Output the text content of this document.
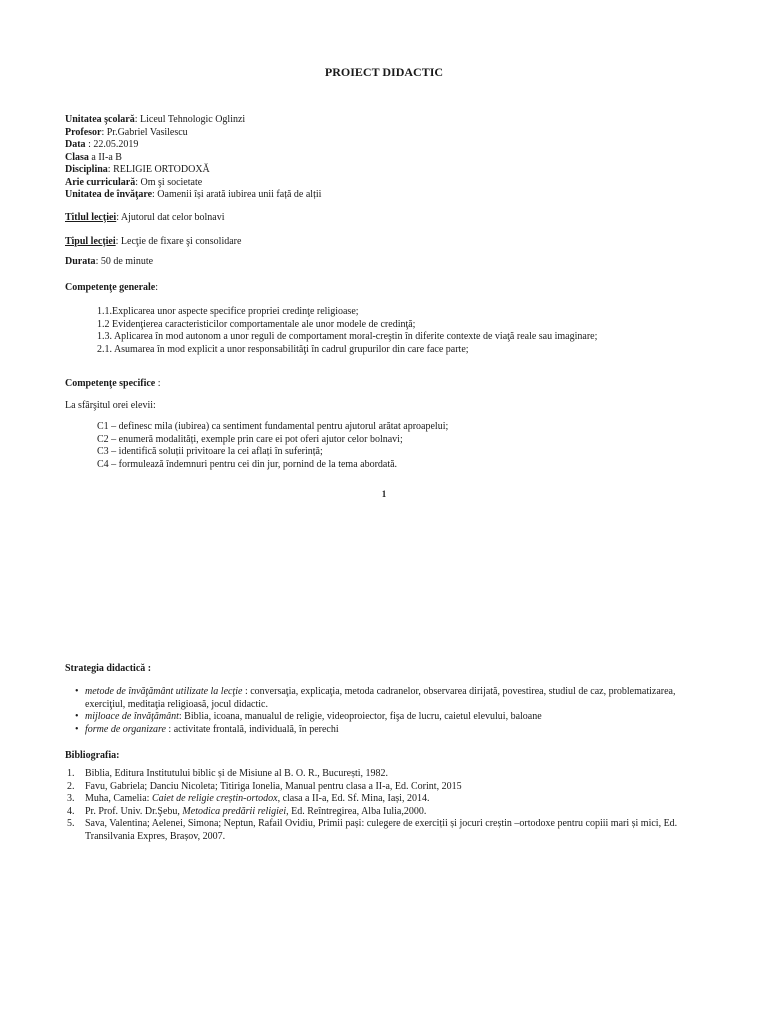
PROIECT DIDACTIC
Unitatea şcolară: Liceul Tehnologic Oglinzi
Profesor: Pr.Gabriel Vasilescu
Data : 22.05.2019
Clasa a II-a B
Disciplina: RELIGIE ORTODOXĂ
Arie curriculară: Om şi societate
Unitatea de învăţare: Oamenii își arată iubirea unii față de alții
Titlul lecţiei: Ajutorul dat celor bolnavi
Tipul lecţiei: Lecţie de fixare şi consolidare
Durata: 50 de minute
Competenţe generale:
1.1.Explicarea unor aspecte specifice propriei credinţe religioase;
1.2 Evidenţierea caracteristicilor comportamentale ale unor modele de credinţă;
1.3. Aplicarea în mod autonom a unor reguli de comportament moral-creştin în diferite contexte de viaţă reale sau imaginare;
2.1. Asumarea în mod explicit a unor responsabilităţi în cadrul grupurilor din care face parte;
Competenţe specifice :
La sfârşitul orei elevii:
C1 – definesc mila (iubirea) ca sentiment fundamental pentru ajutorul arătat aproapelui;
C2 – enumeră modalități, exemple prin care ei pot oferi ajutor celor bolnavi;
C3 – identifică soluții privitoare la cei aflați în suferință;
C4 – formulează îndemnuri pentru cei din jur, pornind de la tema abordată.
1
Strategia didactică :
• metode de învăţământ utilizate la lecţie : conversaţia, explicaţia, metoda cadranelor, observarea dirijată, povestirea, studiul de caz, problematizarea, exerciţiul, meditaţia religioasă, jocul didactic.
• mijloace de învăţământ: Biblia, icoana, manualul de religie, videoproiector, fişa de lucru, caietul elevului, baloane
• forme de organizare : activitate frontală, individuală, în perechi
Bibliografia:
1. Biblia, Editura Institutului biblic și de Misiune al B. O. R., București, 1982.
2. Favu, Gabriela; Danciu Nicoleta; Titiriga Ionelia, Manual pentru clasa a II-a, Ed. Corint, 2015
3. Muha, Camelia: Caiet de religie creștin-ortodox, clasa a II-a, Ed. Sf. Mina, Iași, 2014.
4. Pr. Prof. Univ. Dr.Şebu, Metodica predării religiei, Ed. Reîntregirea, Alba Iulia,2000.
5. Sava, Valentina; Aelenei, Simona; Neptun, Rafail Ovidiu, Primii pași: culegere de exerciții și jocuri creștin –ortodoxe pentru copiii mari și mici, Ed. Transilvania Expres, Brașov, 2007.
